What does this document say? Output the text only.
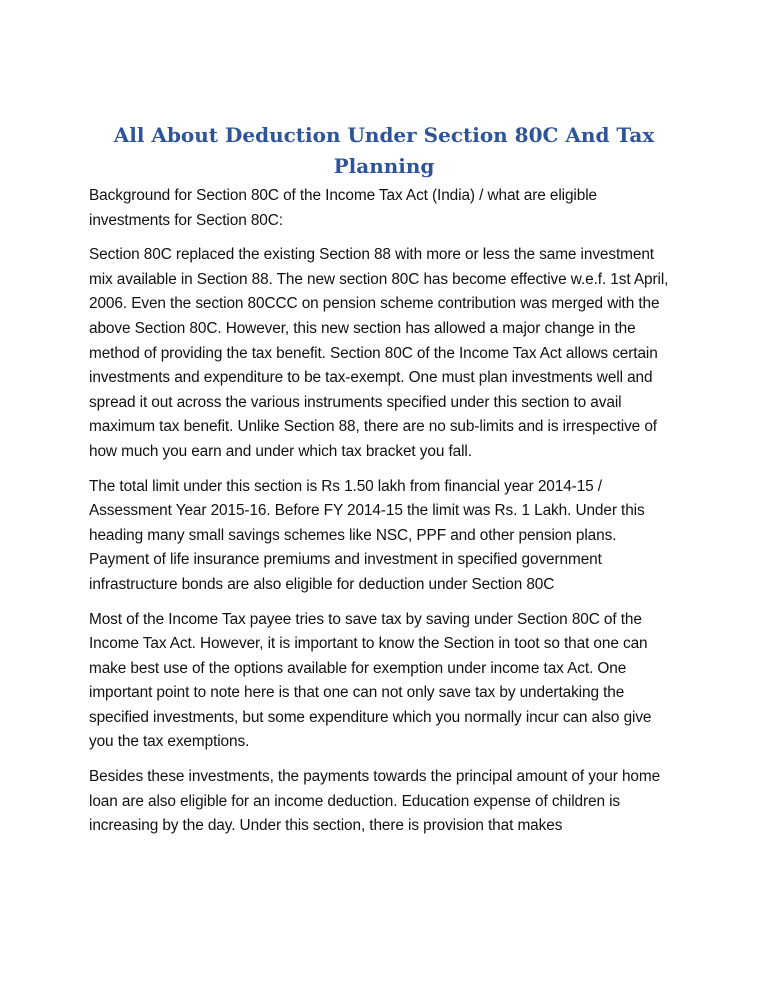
All About Deduction Under Section 80C And Tax Planning

Background for Section 80C of the Income Tax Act (India) / what are eligible investments for Section 80C:

Section 80C replaced the existing Section 88 with more or less the same investment mix available in Section 88. The new section 80C has become effective w.e.f. 1st April, 2006. Even the section 80CCC on pension scheme contribution was merged with the above Section 80C. However, this new section has allowed a major change in the method of providing the tax benefit. Section 80C of the Income Tax Act allows certain investments and expenditure to be tax-exempt. One must plan investments well and spread it out across the various instruments specified under this section to avail maximum tax benefit. Unlike Section 88, there are no sub-limits and is irrespective of how much you earn and under which tax bracket you fall.

The total limit under this section is Rs 1.50 lakh from financial year 2014-15 / Assessment Year 2015-16. Before FY 2014-15 the limit was Rs. 1 Lakh. Under this heading many small savings schemes like NSC, PPF and other pension plans. Payment of life insurance premiums and investment in specified government infrastructure bonds are also eligible for deduction under Section 80C

Most of the Income Tax payee tries to save tax by saving under Section 80C of the Income Tax Act. However, it is important to know the Section in toot so that one can make best use of the options available for exemption under income tax Act. One important point to note here is that one can not only save tax by undertaking the specified investments, but some expenditure which you normally incur can also give you the tax exemptions.

Besides these investments, the payments towards the principal amount of your home loan are also eligible for an income deduction. Education expense of children is increasing by the day. Under this section, there is provision that makes
